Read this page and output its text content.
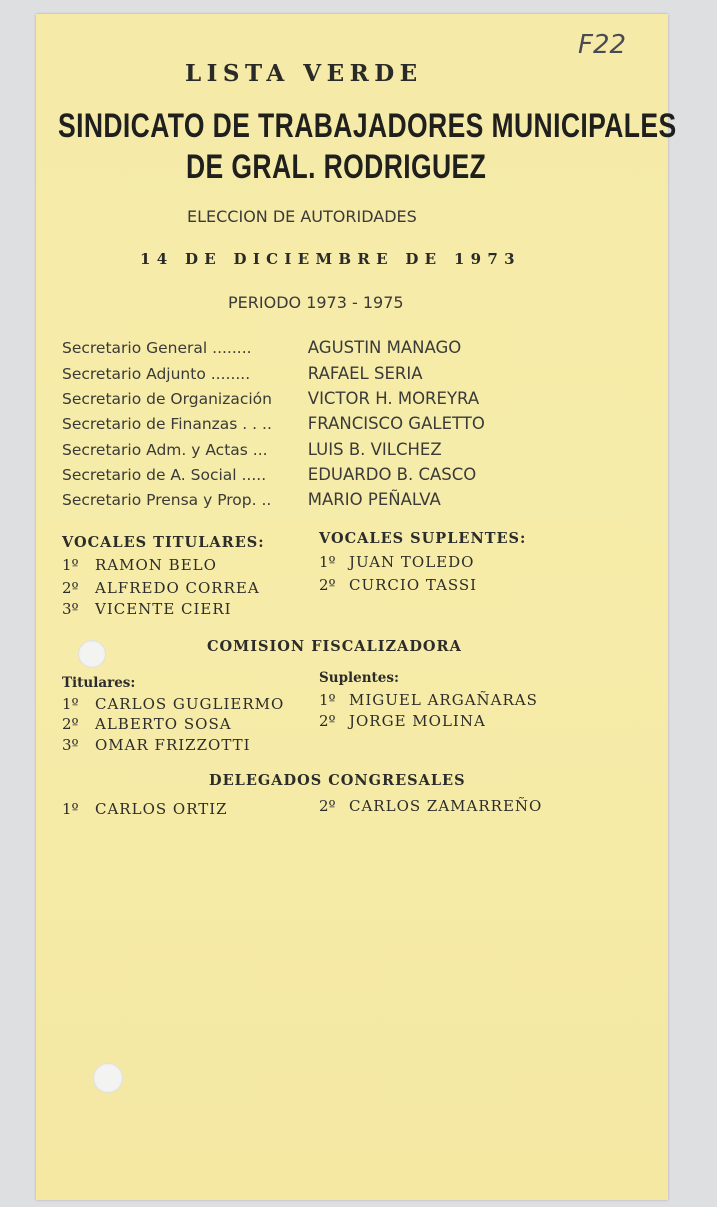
F22
LISTA VERDE
SINDICATO DE TRABAJADORES MUNICIPALES
DE GRAL. RODRIGUEZ
ELECCION DE AUTORIDADES
14 DE DICIEMBRE DE 1973
PERIODO 1973 - 1975
Secretario General ........	AGUSTIN MANAGO
Secretario Adjunto ........	RAFAEL SERIA
Secretario de Organización VICTOR H. MOREYRA
Secretario de Finanzas . . .. FRANCISCO GALETTO
Secretario Adm. y Actas ... LUIS B. VILCHEZ
Secretario de A. Social .....	EDUARDO B. CASCO
Secretario Prensa y Prop. .. MARIO PEÑALVA
VOCALES TITULARES:
1º RAMON BELO
2º ALFREDO CORREA
3º VICENTE CIERI
VOCALES SUPLENTES:
1º JUAN TOLEDO
2º CURCIO TASSI
COMISION FISCALIZADORA
Titulares:
1º CARLOS GUGLIERMO
2º ALBERTO SOSA
3º OMAR FRIZZOTTI
Suplentes:
1º MIGUEL ARGAÑARAS
2º JORGE MOLINA
DELEGADOS CONGRESALES
1º CARLOS ORTIZ	2º CARLOS ZAMARREÑO
